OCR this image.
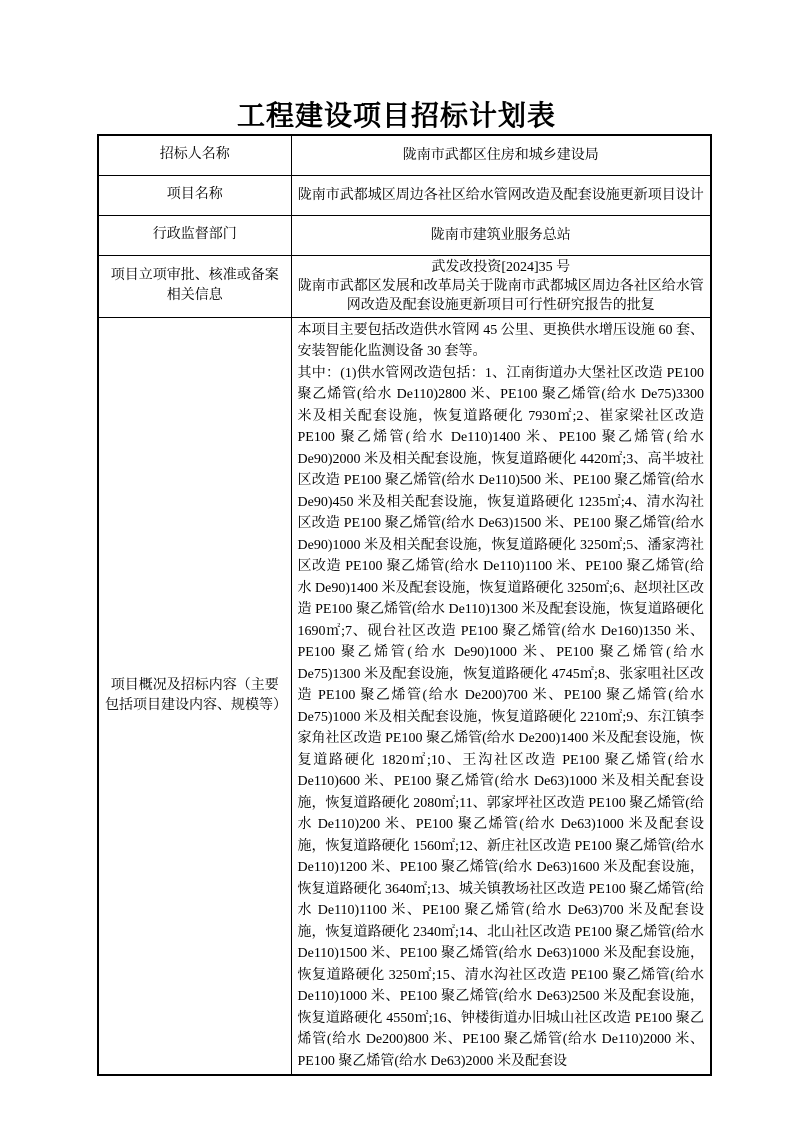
工程建设项目招标计划表
招标人名称	陇南市武都区住房和城乡建设局
项目名称	陇南市武都城区周边各社区给水管网改造及配套设施更新项目设计
行政监督部门	陇南市建筑业服务总站
项目立项审批、核准或备案相关信息	武发改投资[2024]35 号
陇南市武都区发展和改革局关于陇南市武都城区周边各社区给水管网改造及配套设施更新项目可行性研究报告的批复

项目概况及招标内容（主要包括项目建设内容、规模等）	本项目主要包括改造供水管网 45 公里、更换供水增压设施 60 套、安装智能化监测设备 30 套等。
其中：(1)供水管网改造包括：1、江南街道办大堡社区改造 PE100 聚乙烯管(给水 De110)2800 米、PE100 聚乙烯管(给水 De75)3300 米及相关配套设施，恢复道路硬化 7930㎡;2、崔家梁社区改造 PE100 聚乙烯管(给水 De110)1400 米、PE100 聚乙烯管(给水 De90)2000 米及相关配套设施，恢复道路硬化 4420㎡;3、高半坡社区改造 PE100 聚乙烯管(给水 De110)500 米、PE100 聚乙烯管(给水 De90)450 米及相关配套设施，恢复道路硬化 1235㎡;4、清水沟社区改造 PE100 聚乙烯管(给水 De63)1500 米、PE100 聚乙烯管(给水 De90)1000 米及相关配套设施，恢复道路硬化 3250㎡;5、潘家湾社区改造 PE100 聚乙烯管(给水 De110)1100 米、PE100 聚乙烯管(给水 De90)1400 米及配套设施，恢复道路硬化 3250㎡;6、赵坝社区改造 PE100 聚乙烯管(给水 De110)1300 米及配套设施，恢复道路硬化 1690㎡;7、砚台社区改造 PE100 聚乙烯管(给水 De160)1350 米、PE100 聚乙烯管(给水 De90)1000 米、PE100 聚乙烯管(给水 De75)1300 米及配套设施，恢复道路硬化 4745㎡;8、张家咀社区改造 PE100 聚乙烯管(给水 De200)700 米、PE100 聚乙烯管(给水 De75)1000 米及相关配套设施，恢复道路硬化 2210㎡;9、东江镇李家角社区改造 PE100 聚乙烯管(给水 De200)1400 米及配套设施，恢复道路硬化 1820㎡;10、王沟社区改造 PE100 聚乙烯管(给水 De110)600 米、PE100 聚乙烯管(给水 De63)1000 米及相关配套设施，恢复道路硬化 2080㎡;11、郭家坪社区改造 PE100 聚乙烯管(给水 De110)200 米、PE100 聚乙烯管(给水 De63)1000 米及配套设施，恢复道路硬化 1560㎡;12、新庄社区改造 PE100 聚乙烯管(给水 De110)1200 米、PE100 聚乙烯管(给水 De63)1600 米及配套设施，恢复道路硬化 3640㎡;13、城关镇教场社区改造 PE100 聚乙烯管(给水 De110)1100 米、PE100 聚乙烯管(给水 De63)700 米及配套设施，恢复道路硬化 2340㎡;14、北山社区改造 PE100 聚乙烯管(给水 De110)1500 米、PE100 聚乙烯管(给水 De63)1000 米及配套设施，恢复道路硬化 3250㎡;15、清水沟社区改造 PE100 聚乙烯管(给水 De110)1000 米、PE100 聚乙烯管(给水 De63)2500 米及配套设施，恢复道路硬化 4550㎡;16、钟楼街道办旧城山社区改造 PE100 聚乙烯管(给水 De200)800 米、PE100 聚乙烯管(给水 De110)2000 米、PE100 聚乙烯管(给水 De63)2000 米及配套设
